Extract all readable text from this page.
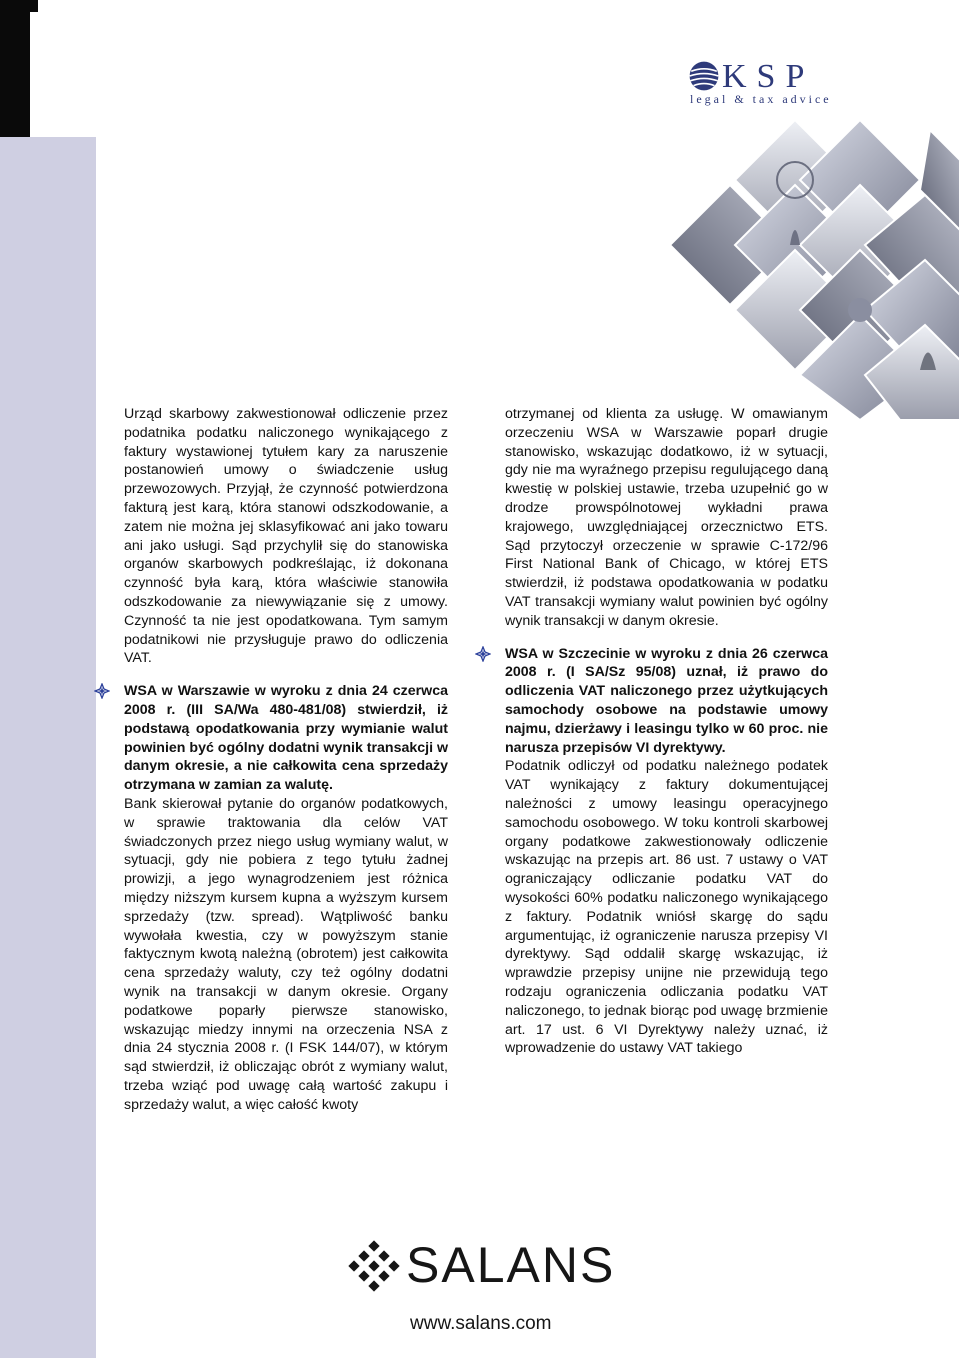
KSP
legal & tax advice

Urząd skarbowy zakwestionował odliczenie przez podatnika podatku naliczonego wynikającego z faktury wystawionej tytułem kary za naruszenie postanowień umowy o świadczenie usług przewozowych. Przyjął, że czynność potwierdzona fakturą jest karą, która stanowi odszkodowanie, a zatem nie można jej sklasyfikować ani jako towaru ani jako usługi. Sąd przychylił się do stanowiska organów skarbowych podkreślając, iż dokonana czynność była karą, która właściwie stanowiła odszkodowanie za niewywiązanie się z umowy. Czynność ta nie jest opodatkowana. Tym samym podatnikowi nie przysługuje prawo do odliczenia VAT.

WSA w Warszawie w wyroku z dnia 24 czerwca 2008 r. (III SA/Wa 480-481/08) stwierdził, iż podstawą opodatkowania przy wymianie walut powinien być ogólny dodatni wynik transakcji w danym okresie, a nie całkowita cena sprzedaży otrzymana w zamian za walutę.

Bank skierował pytanie do organów podatkowych, w sprawie traktowania dla celów VAT świadczonych przez niego usług wymiany walut, w sytuacji, gdy nie pobiera z tego tytułu żadnej prowizji, a jego wynagrodzeniem jest różnica między niższym kursem kupna a wyższym kursem sprzedaży (tzw. spread). Wątpliwość banku wywołała kwestia, czy w powyższym stanie faktycznym kwotą należną (obrotem) jest całkowita cena sprzedaży waluty, czy też ogólny dodatni wynik na transakcji w danym okresie. Organy podatkowe poparły pierwsze stanowisko, wskazując miedzy innymi na orzeczenia NSA z dnia 24 stycznia 2008 r. (I FSK 144/07), w którym sąd stwierdził, iż obliczając obrót z wymiany walut, trzeba wziąć pod uwagę całą wartość zakupu i sprzedaży walut, a więc całość kwoty

otrzymanej od klienta za usługę. W omawianym orzeczeniu WSA w Warszawie poparł drugie stanowisko, wskazując dodatkowo, iż w sytuacji, gdy nie ma wyraźnego przepisu regulującego daną kwestię w polskiej ustawie, trzeba uzupełnić go w drodze prowspólnotowej wykładni prawa krajowego, uwzględniającej orzecznictwo ETS. Sąd przytoczył orzeczenie w sprawie C-172/96 First National Bank of Chicago, w której ETS stwierdził, iż podstawa opodatkowania w podatku VAT transakcji wymiany walut powinien być ogólny wynik transakcji w danym okresie.

WSA w Szczecinie w wyroku z dnia 26 czerwca 2008 r. (I SA/Sz 95/08) uznał, iż prawo do odliczenia VAT naliczonego przez użytkujących samochody osobowe na podstawie umowy najmu, dzierżawy i leasingu tylko w 60 proc. nie narusza przepisów VI dyrektywy.

Podatnik odliczył od podatku należnego podatek VAT wynikający z faktury dokumentującej należności z umowy leasingu operacyjnego samochodu osobowego. W toku kontroli skarbowej organy podatkowe zakwestionowały odliczenie wskazując na przepis art. 86 ust. 7 ustawy o VAT ograniczający odliczanie podatku VAT do wysokości 60% podatku naliczonego wynikającego z faktury. Podatnik wniósł skargę do sądu argumentując, iż ograniczenie narusza przepisy VI dyrektywy. Sąd oddalił skargę wskazując, iż wprawdzie przepisy unijne nie przewidują tego rodzaju ograniczenia odliczania podatku VAT naliczonego, to jednak biorąc pod uwagę brzmienie art. 17 ust. 6 VI Dyrektywy należy uznać, iż wprowadzenie do ustawy VAT takiego

SALANS
www.salans.com
